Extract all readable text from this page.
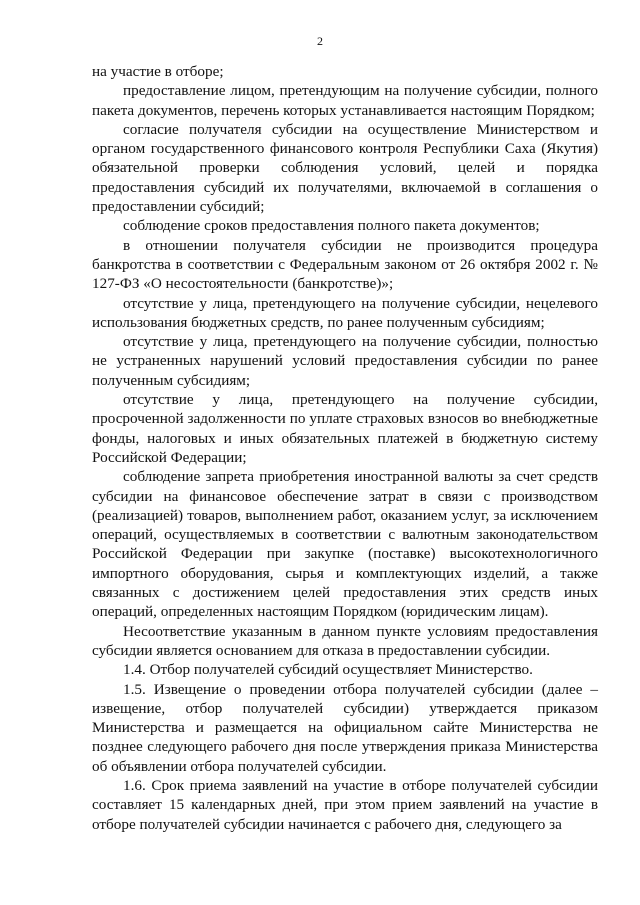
2

на участие в отборе;

предоставление лицом, претендующим на получение субсидии, полного пакета документов, перечень которых устанавливается настоящим Порядком;

согласие получателя субсидии на осуществление Министерством и органом государственного финансового контроля Республики Саха (Якутия) обязательной проверки соблюдения условий, целей и порядка предоставления субсидий их получателями, включаемой в соглашения о предоставлении субсидий;

соблюдение сроков предоставления полного пакета документов;

в отношении получателя субсидии не производится процедура банкротства в соответствии с Федеральным законом от 26 октября 2002 г. № 127-ФЗ «О несостоятельности (банкротстве)»;

отсутствие у лица, претендующего на получение субсидии, нецелевого использования бюджетных средств, по ранее полученным субсидиям;

отсутствие у лица, претендующего на получение субсидии, полностью не устраненных нарушений условий предоставления субсидии по ранее полученным субсидиям;

отсутствие у лица, претендующего на получение субсидии, просроченной задолженности по уплате страховых взносов во внебюджетные фонды, налоговых и иных обязательных платежей в бюджетную систему Российской Федерации;

соблюдение запрета приобретения иностранной валюты за счет средств субсидии на финансовое обеспечение затрат в связи с производством (реализацией) товаров, выполнением работ, оказанием услуг, за исключением операций, осуществляемых в соответствии с валютным законодательством Российской Федерации при закупке (поставке) высокотехнологичного импортного оборудования, сырья и комплектующих изделий, а также связанных с достижением целей предоставления этих средств иных операций, определенных настоящим Порядком (юридическим лицам).

Несоответствие указанным в данном пункте условиям предоставления субсидии является основанием для отказа в предоставлении субсидии.

1.4. Отбор получателей субсидий осуществляет Министерство.

1.5. Извещение о проведении отбора получателей субсидии (далее – извещение, отбор получателей субсидии) утверждается приказом Министерства и размещается на официальном сайте Министерства не позднее следующего рабочего дня после утверждения приказа Министерства об объявлении отбора получателей субсидии.

1.6. Срок приема заявлений на участие в отборе получателей субсидии составляет 15 календарных дней, при этом прием заявлений на участие в отборе получателей субсидии начинается с рабочего дня, следующего за
